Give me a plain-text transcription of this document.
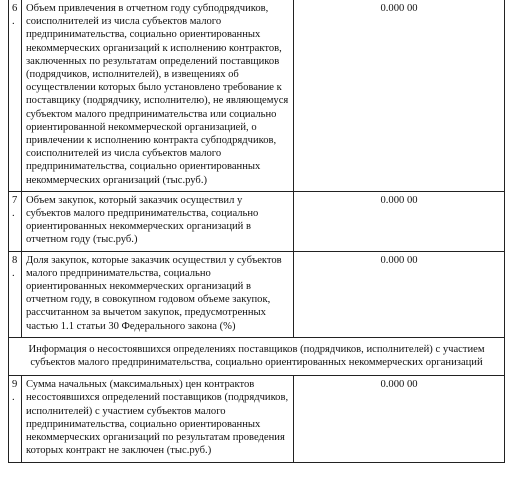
6.	Объем привлечения в отчетном году субподрядчиков, соисполнителей из числа субъектов малого предпринимательства, социально ориентированных некоммерческих организаций к исполнению контрактов, заключенных по результатам определений поставщиков (подрядчиков, исполнителей), в извещениях об осуществлении которых было установлено требование к поставщику (подрядчику, исполнителю), не являющемуся субъектом малого предпринимательства или социально ориентированной некоммерческой организацией, о привлечении к исполнению контракта субподрядчиков, соисполнителей из числа субъектов малого предпринимательства, социально ориентированных некоммерческих организаций (тыс.руб.)	0.000 00
7.	Объем закупок, который заказчик осуществил у субъектов малого предпринимательства, социально ориентированных некоммерческих организаций в отчетном году (тыс.руб.)	0.000 00
8.	Доля закупок, которые заказчик осуществил у субъектов малого предпринимательства, социально ориентированных некоммерческих организаций в отчетном году, в совокупном годовом объеме закупок, рассчитанном за вычетом закупок, предусмотренных частью 1.1 статьи 30 Федерального закона (%)	0.000 00
Информация о несостоявшихся определениях поставщиков (подрядчиков, исполнителей) с участием субъектов малого предпринимательства, социально ориентированных некоммерческих организаций		
9.	Сумма начальных (максимальных) цен контрактов несостоявшихся определений поставщиков (подрядчиков, исполнителей) с участием субъектов малого предпринимательства, социально ориентированных некоммерческих организаций по результатам проведения которых контракт не заключен (тыс.руб.)	0.000 00
